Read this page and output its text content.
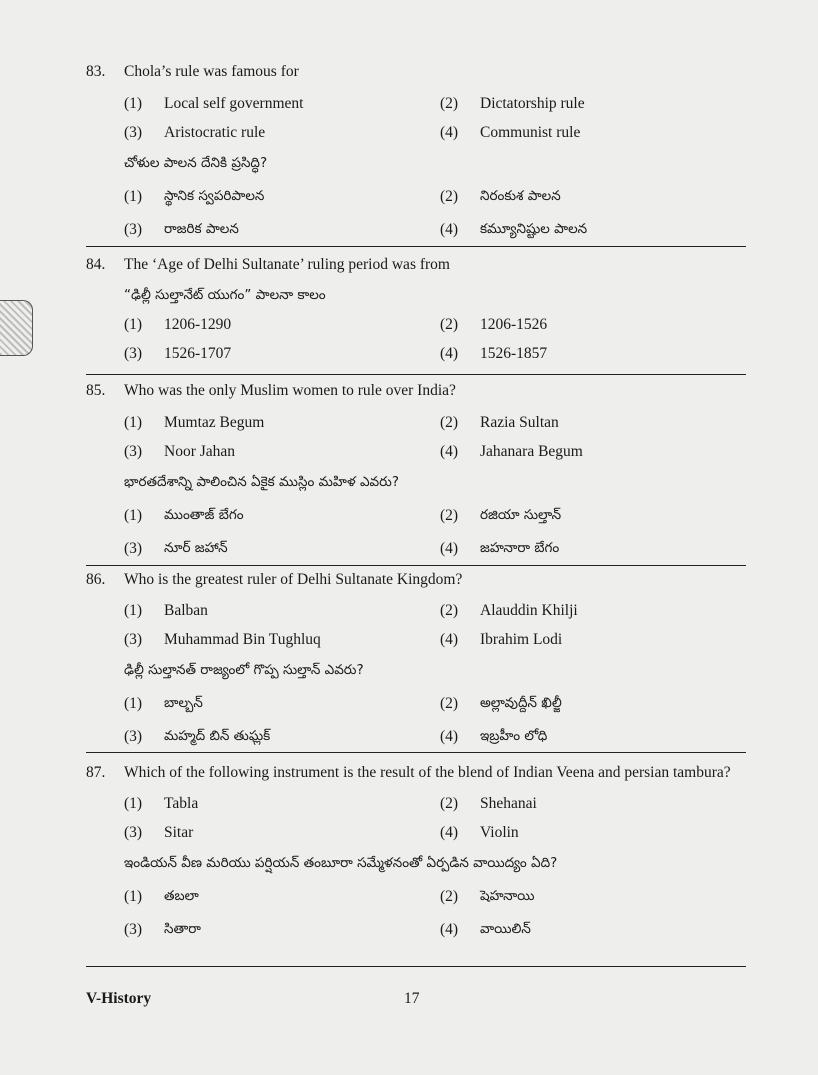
83.	Chola’s rule was famous for
(1)	Local self government	(2)	Dictatorship rule
(3)	Aristocratic rule	(4)	Communist rule
చోళుల పాలన దేనికి ప్రసిద్ధి?
(1)	స్థానిక స్వపరిపాలన	(2)	నిరంకుశ పాలన
(3)	రాజరిక పాలన	(4)	కమ్యూనిష్టుల పాలన
84.	The ‘Age of Delhi Sultanate’ ruling period was from
“ఢిల్లీ సుల్తానేట్ యుగం” పాలనా కాలం
(1)	1206-1290	(2)	1206-1526
(3)	1526-1707	(4)	1526-1857
85.	Who was the only Muslim women to rule over India?
(1)	Mumtaz Begum	(2)	Razia Sultan
(3)	Noor Jahan	(4)	Jahanara Begum
భారతదేశాన్ని పాలించిన ఏకైక ముస్లిం మహిళ ఎవరు?
(1)	ముంతాజ్ బేగం	(2)	రజియా సుల్తాన్
(3)	నూర్ జహాన్	(4)	జహనారా బేగం
86.	Who is the greatest ruler of Delhi Sultanate Kingdom?
(1)	Balban	(2)	Alauddin Khilji
(3)	Muhammad Bin Tughluq	(4)	Ibrahim Lodi
ఢిల్లీ సుల్తానత్ రాజ్యంలో గొప్ప సుల్తాన్ ఎవరు?
(1)	బాల్బన్	(2)	అల్లావుద్దీన్ ఖిల్జీ
(3)	మహ్మద్ బిన్ తుఘ్లక్	(4)	ఇబ్రహీం లోధి
87.	Which of the following instrument is the result of the blend of Indian Veena and persian tambura?
(1)	Tabla	(2)	Shehanai
(3)	Sitar	(4)	Violin
ఇండియన్ వీణ మరియు పర్షియన్ తంబూరా సమ్మేళనంతో ఏర్పడిన వాయిద్యం ఏది?
(1)	తబలా	(2)	షెహనాయి
(3)	సితారా	(4)	వాయిలిన్
V-History	17
